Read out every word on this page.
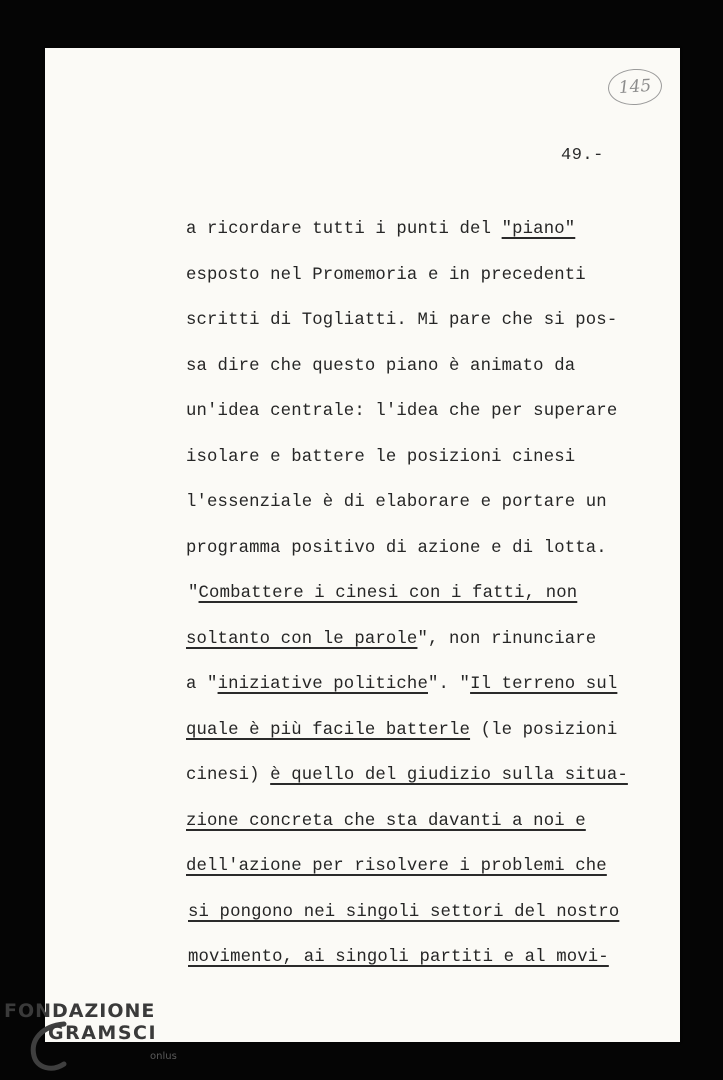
145
49.-
a ricordare tutti i punti del "piano"
esposto nel Promemoria e in precedenti
scritti di Togliatti. Mi pare che si pos-
sa dire che questo piano è animato da
un'idea centrale: l'idea che per superare
isolare e battere le posizioni cinesi
l'essenziale è di elaborare e portare un
programma positivo di azione e di lotta.
"Combattere i cinesi con i fatti, non
soltanto con le parole", non rinunciare
a "iniziative politiche". "Il terreno sul
quale è più facile batterle (le posizioni
cinesi) è quello del giudizio sulla situa-
zione concreta che sta davanti a noi e
dell'azione per risolvere i problemi che
si pongono nei singoli settori del nostro
movimento, ai singoli partiti e al movi-
FONDAZIONE
GRAMSCI
onlus
